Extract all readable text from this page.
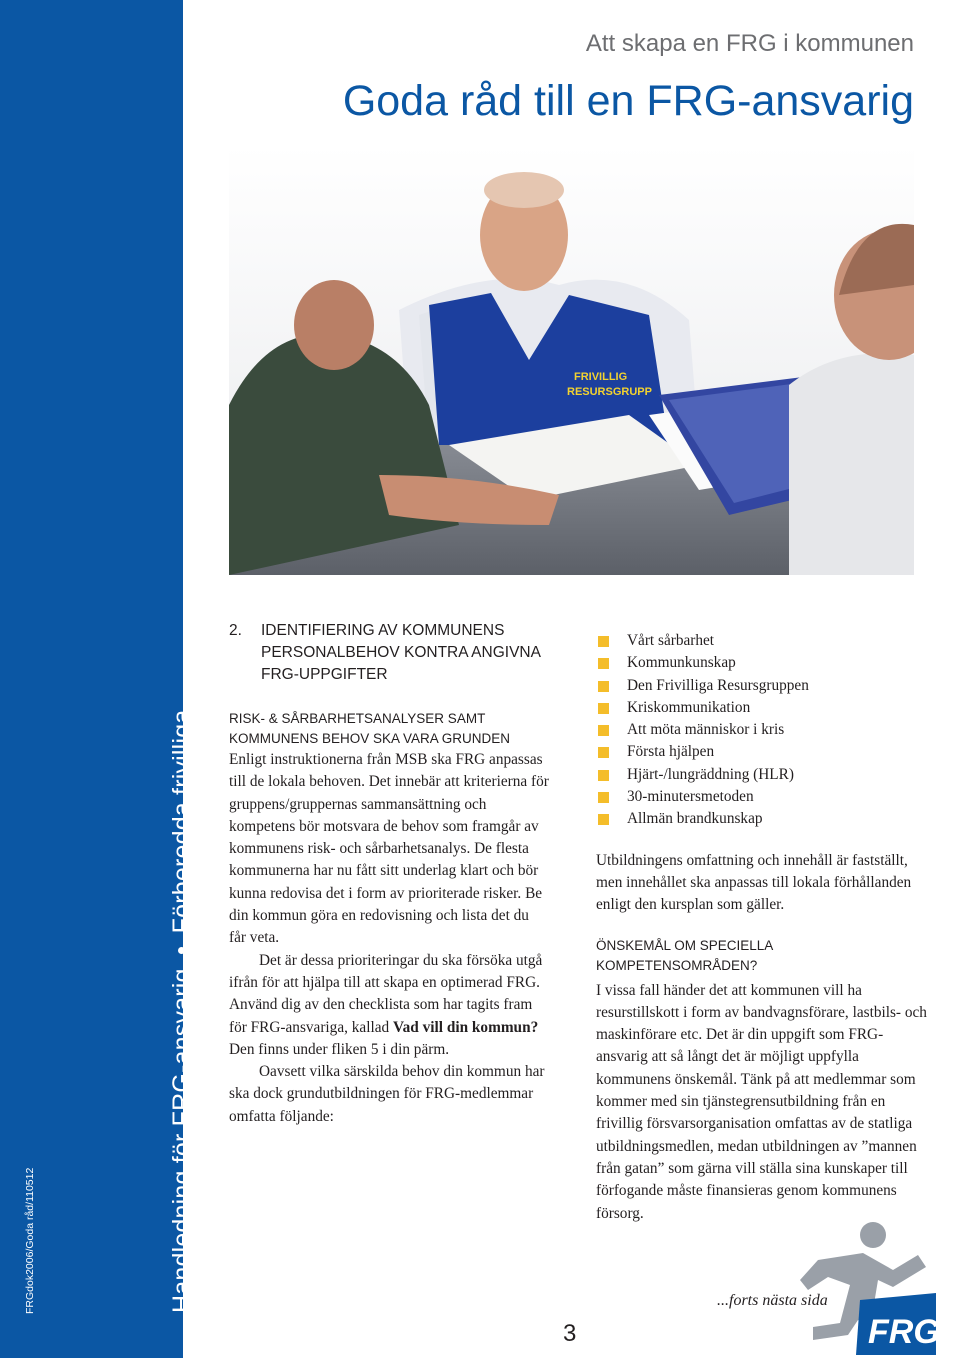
FRGdok2006/Goda råd/110512	Handledning för FRG-ansvarigFörberedda frivilliga
Att skapa en FRG i kommunen
Goda råd till en FRG-ansvarig
FRIVILLIG
RESURSGRUPP
2. IDENTIFIERING AV KOMMUNENS
PERSONALBEHOV KONTRA ANGIVNA
FRG-UPPGIFTER
RISK- & SÅRBARHETSANALYSER SAMT
KOMMUNENS BEHOV SKA VARA GRUNDEN

Enligt instruktionerna från MSB ska FRG anpassas till de lokala behoven. Det innebär att kriterierna för gruppens/gruppernas sammansättning och kompetens bör motsvara de behov som framgår av kommunens risk- och sårbarhetsanalys. De flesta kommunerna har nu fått sitt underlag klart och bör kunna redovisa det i form av prioriterade risker. Be din kommun göra en redovisning och lista det du får veta.

Det är dessa prioriteringar du ska försöka utgå ifrån för att hjälpa till att skapa en optimerad FRG. Använd dig av den checklista som har tagits fram för FRG-ansvariga, kallad Vad vill din kommun? Den finns under fliken 5 i din pärm.

Oavsett vilka särskilda behov din kommun har ska dock grundutbildningen för FRG-medlemmar omfatta följande:

Vårt sårbarhet
Kommunkunskap
Den Frivilliga Resursgruppen
Kriskommunikation
Att möta människor i kris
Första hjälpen
Hjärt-/lungräddning (HLR)
30-minutersmetoden
Allmän brandkunskap

Utbildningens omfattning och innehåll är fastställt, men innehållet ska anpassas till lokala förhållanden enligt den kursplan som gäller.

ÖNSKEMÅL OM SPECIELLA KOMPETENSOMRÅDEN?

I vissa fall händer det att kommunen vill ha resurstillskott i form av bandvagnsförare, lastbils- och maskinförare etc. Det är din uppgift som FRG-ansvarig att så långt det är möjligt uppfylla kommunens önskemål. Tänk på att medlemmar som kommer med sin tjänstegrensutbildning från en frivillig försvarsorganisation omfattas av de statliga utbildningsmedlen, medan utbildningen av ”mannen från gatan” som gärna vill ställa sina kunskaper till förfogande måste finansieras genom kommunens försorg.

...forts nästa sida
3	FRG
